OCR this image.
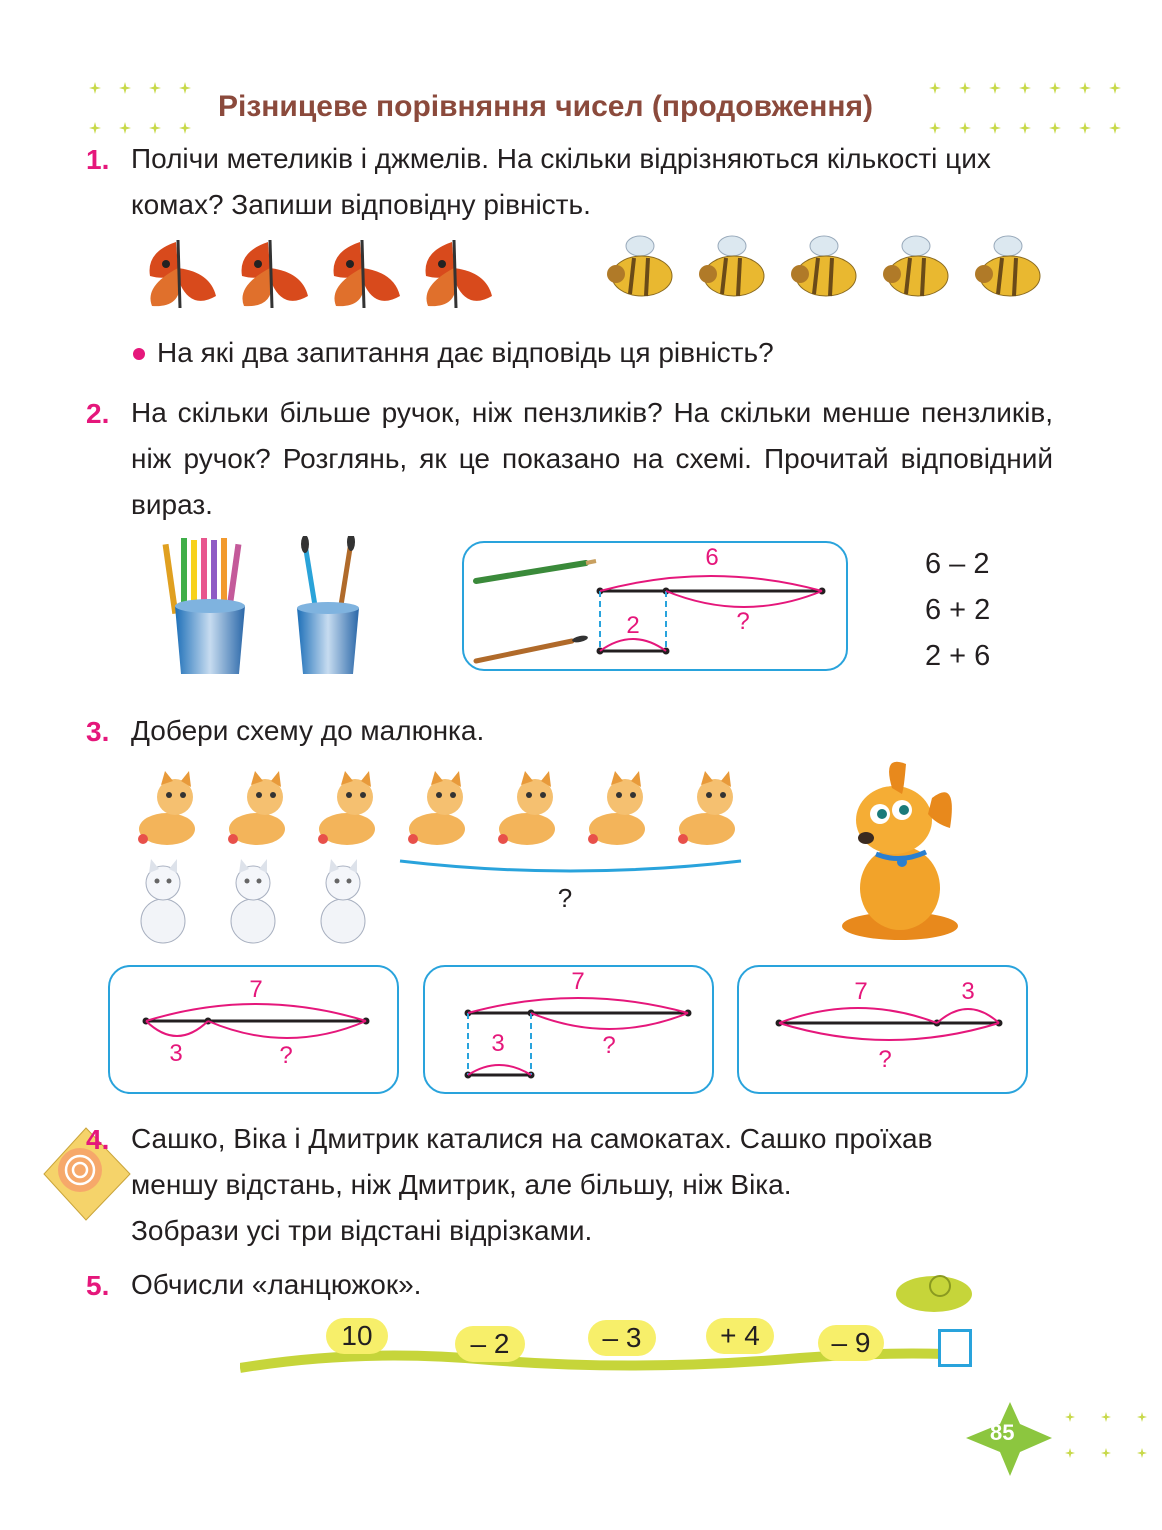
Різницеве порівняння чисел (продовження)
1. Полічи метеликів і джмелів. На скільки відрізняються кількості цих комах? Запиши відповідну рівність.
На які два запитання дає відповідь ця рівність?
2. На скільки більше ручок, ніж пензликів? На скільки менше пензликів, ніж ручок? Розглянь, як це показано на схемі. Прочитай відповідний вираз.
6
2	?
6 – 2
6 + 2
2 + 6
3. Добери схему до малюнка.
?
7
3	?
7
3	?
7	3
?
4. Сашко, Віка і Дмитрик каталися на самокатах. Сашко проїхав
меншу відстань, ніж Дмитрик, але більшу, ніж Віка.
Зобрази усі три відстані відрізками.
5. Обчисли «ланцюжок».
10	– 2	– 3	+ 4	– 9
85
